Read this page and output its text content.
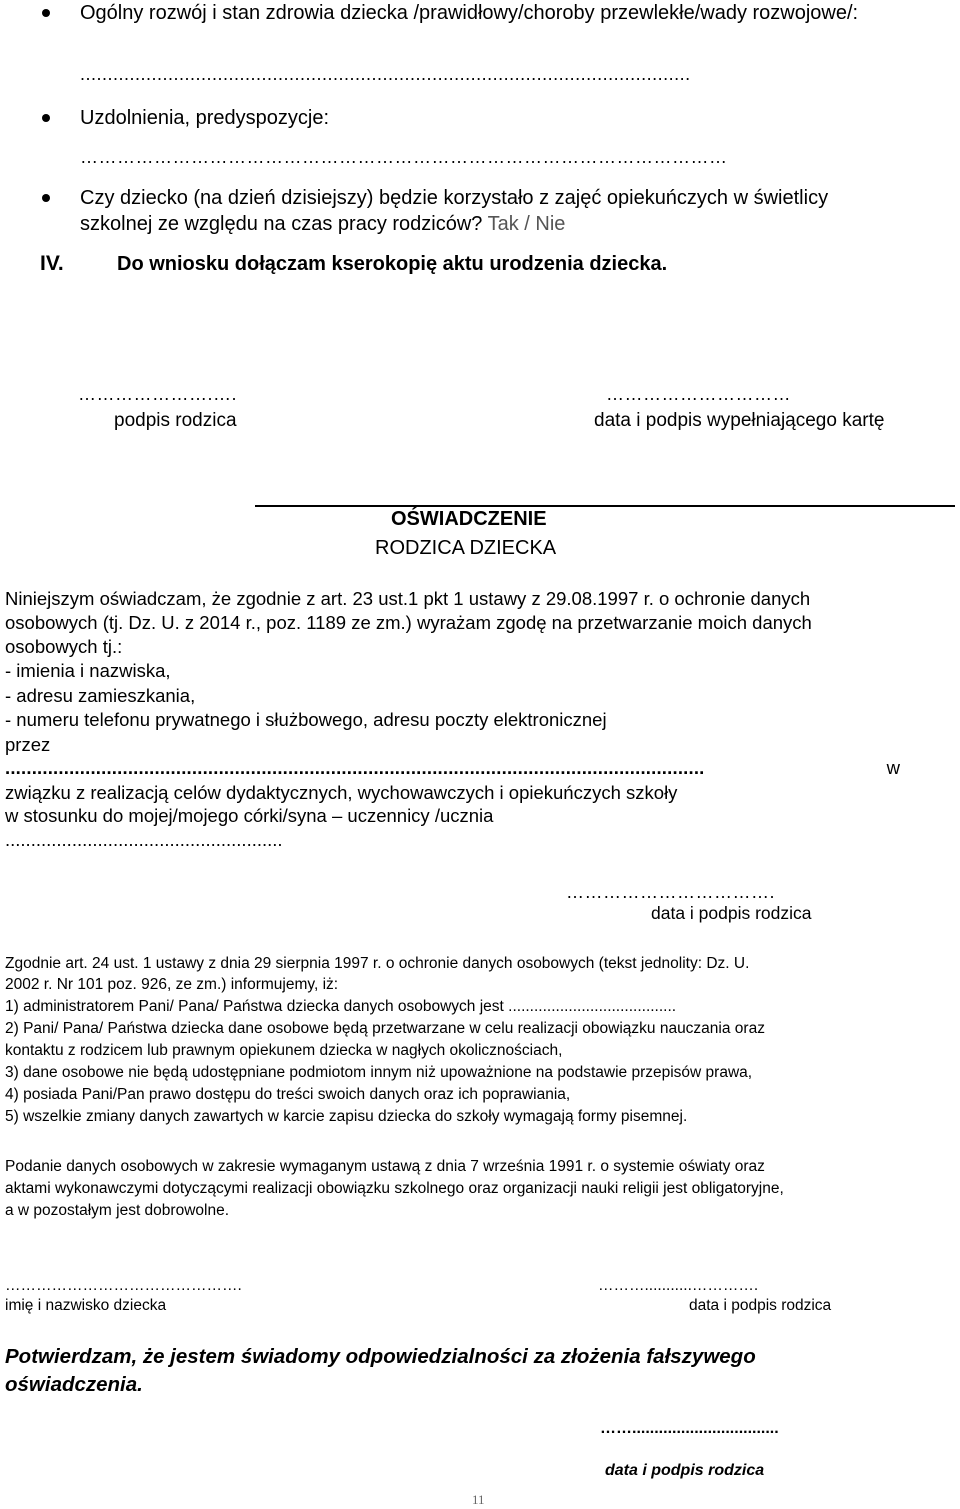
Ogólny rozwój i stan zdrowia dziecka /prawidłowy/choroby przewlekłe/wady rozwojowe/:
...............................................................................................................
Uzdolnienia, predyspozycje:
……………………………………………………………………………………………
Czy dziecko (na dzień dzisiejszy) będzie korzystało z zajęć opiekuńczych w świetlicy
szkolnej ze względu na czas pracy rodziców? Tak / Nie
IV.	Do wniosku dołączam kserokopię aktu urodzenia dziecka.
………………….….
podpis rodzica
…………………………
data i podpis wypełniającego kartę
OŚWIADCZENIE
RODZICA DZIECKA
Niniejszym oświadczam, że zgodnie z art. 23 ust.1 pkt 1 ustawy z 29.08.1997 r. o ochronie danych
osobowych (tj. Dz. U. z 2014 r., poz. 1189 ze zm.) wyrażam zgodę na przetwarzanie moich danych
osobowych tj.:
- imienia i nazwiska,
- adresu zamieszkania,
- numeru telefonu prywatnego i służbowego, adresu poczty elektronicznej
przez
...................................................................................................................................	w
związku z realizacją celów dydaktycznych, wychowawczych i opiekuńczych szkoły
w stosunku do mojej/mojego córki/syna – uczennicy /ucznia
......................................................
…………………………….
data i podpis rodzica
Zgodnie art. 24 ust. 1 ustawy z dnia 29 sierpnia 1997 r. o ochronie danych osobowych (tekst jednolity: Dz. U.
2002 r. Nr 101 poz. 926, ze zm.) informujemy, iż:
1) administratorem Pani/ Pana/ Państwa dziecka danych osobowych jest .......................................
2) Pani/ Pana/ Państwa dziecka dane osobowe będą przetwarzane w celu realizacji obowiązku nauczania oraz
kontaktu z rodzicem lub prawnym opiekunem dziecka w nagłych okolicznościach,
3) dane osobowe nie będą udostępniane podmiotom innym niż upoważnione na podstawie przepisów prawa,
4) posiada Pani/Pan prawo dostępu do treści swoich danych oraz ich poprawiania,
5) wszelkie zmiany danych zawartych w karcie zapisu dziecka do szkoły wymagają formy pisemnej.
Podanie danych osobowych w zakresie wymaganym ustawą z dnia 7 września 1991 r. o systemie oświaty oraz
aktami wykonawczymi dotyczącymi realizacji obowiązku szkolnego oraz organizacji nauki religii jest obligatoryjne,
a w pozostałym jest dobrowolne.
……………………………………….
imię i nazwisko dziecka
………...........………….
data i podpis rodzica
Potwierdzam, że jestem świadomy odpowiedzialności za złożenia fałszywego
oświadczenia.
…….................................
data i podpis rodzica
11
